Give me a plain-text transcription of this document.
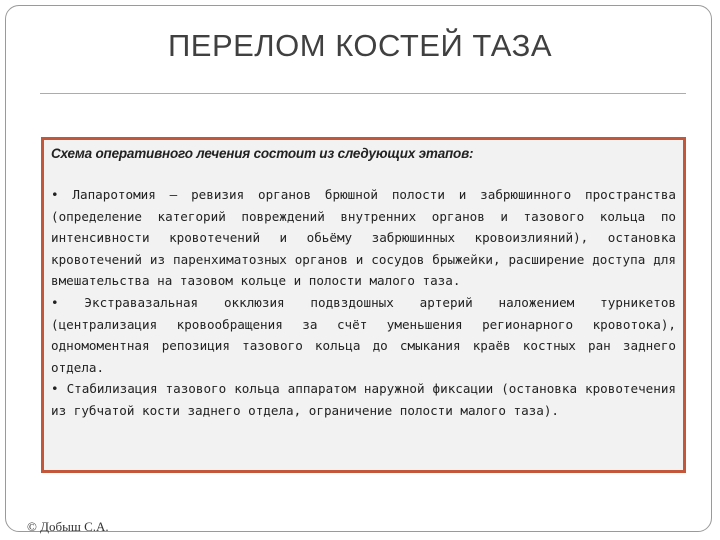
ПЕРЕЛОМ КОСТЕЙ ТАЗА
Схема оперативного лечения состоит из следующих этапов:

• Лапаротомия — ревизия органов брюшной полости и забрюшинного пространства (определение категорий повреждений внутренних органов и тазового кольца по интенсивности кровотечений и обьёму забрюшинных кровоизлияний), остановка кровотечений из паренхиматозных органов и сосудов брыжейки, расширение доступа для вмешательства на тазовом кольце и полости малого таза.

• Экстравазальная окклюзия подвздошных артерий наложением турникетов (централизация кровообращения за счёт уменьшения регионарного кровотока), одномоментная репозиция тазового кольца до смыкания краёв костных ран заднего отдела.

• Стабилизация тазового кольца аппаратом наружной фиксации (остановка кровотечения из губчатой кости заднего отдела, ограничение полости малого таза).

© Добыш С.А.
